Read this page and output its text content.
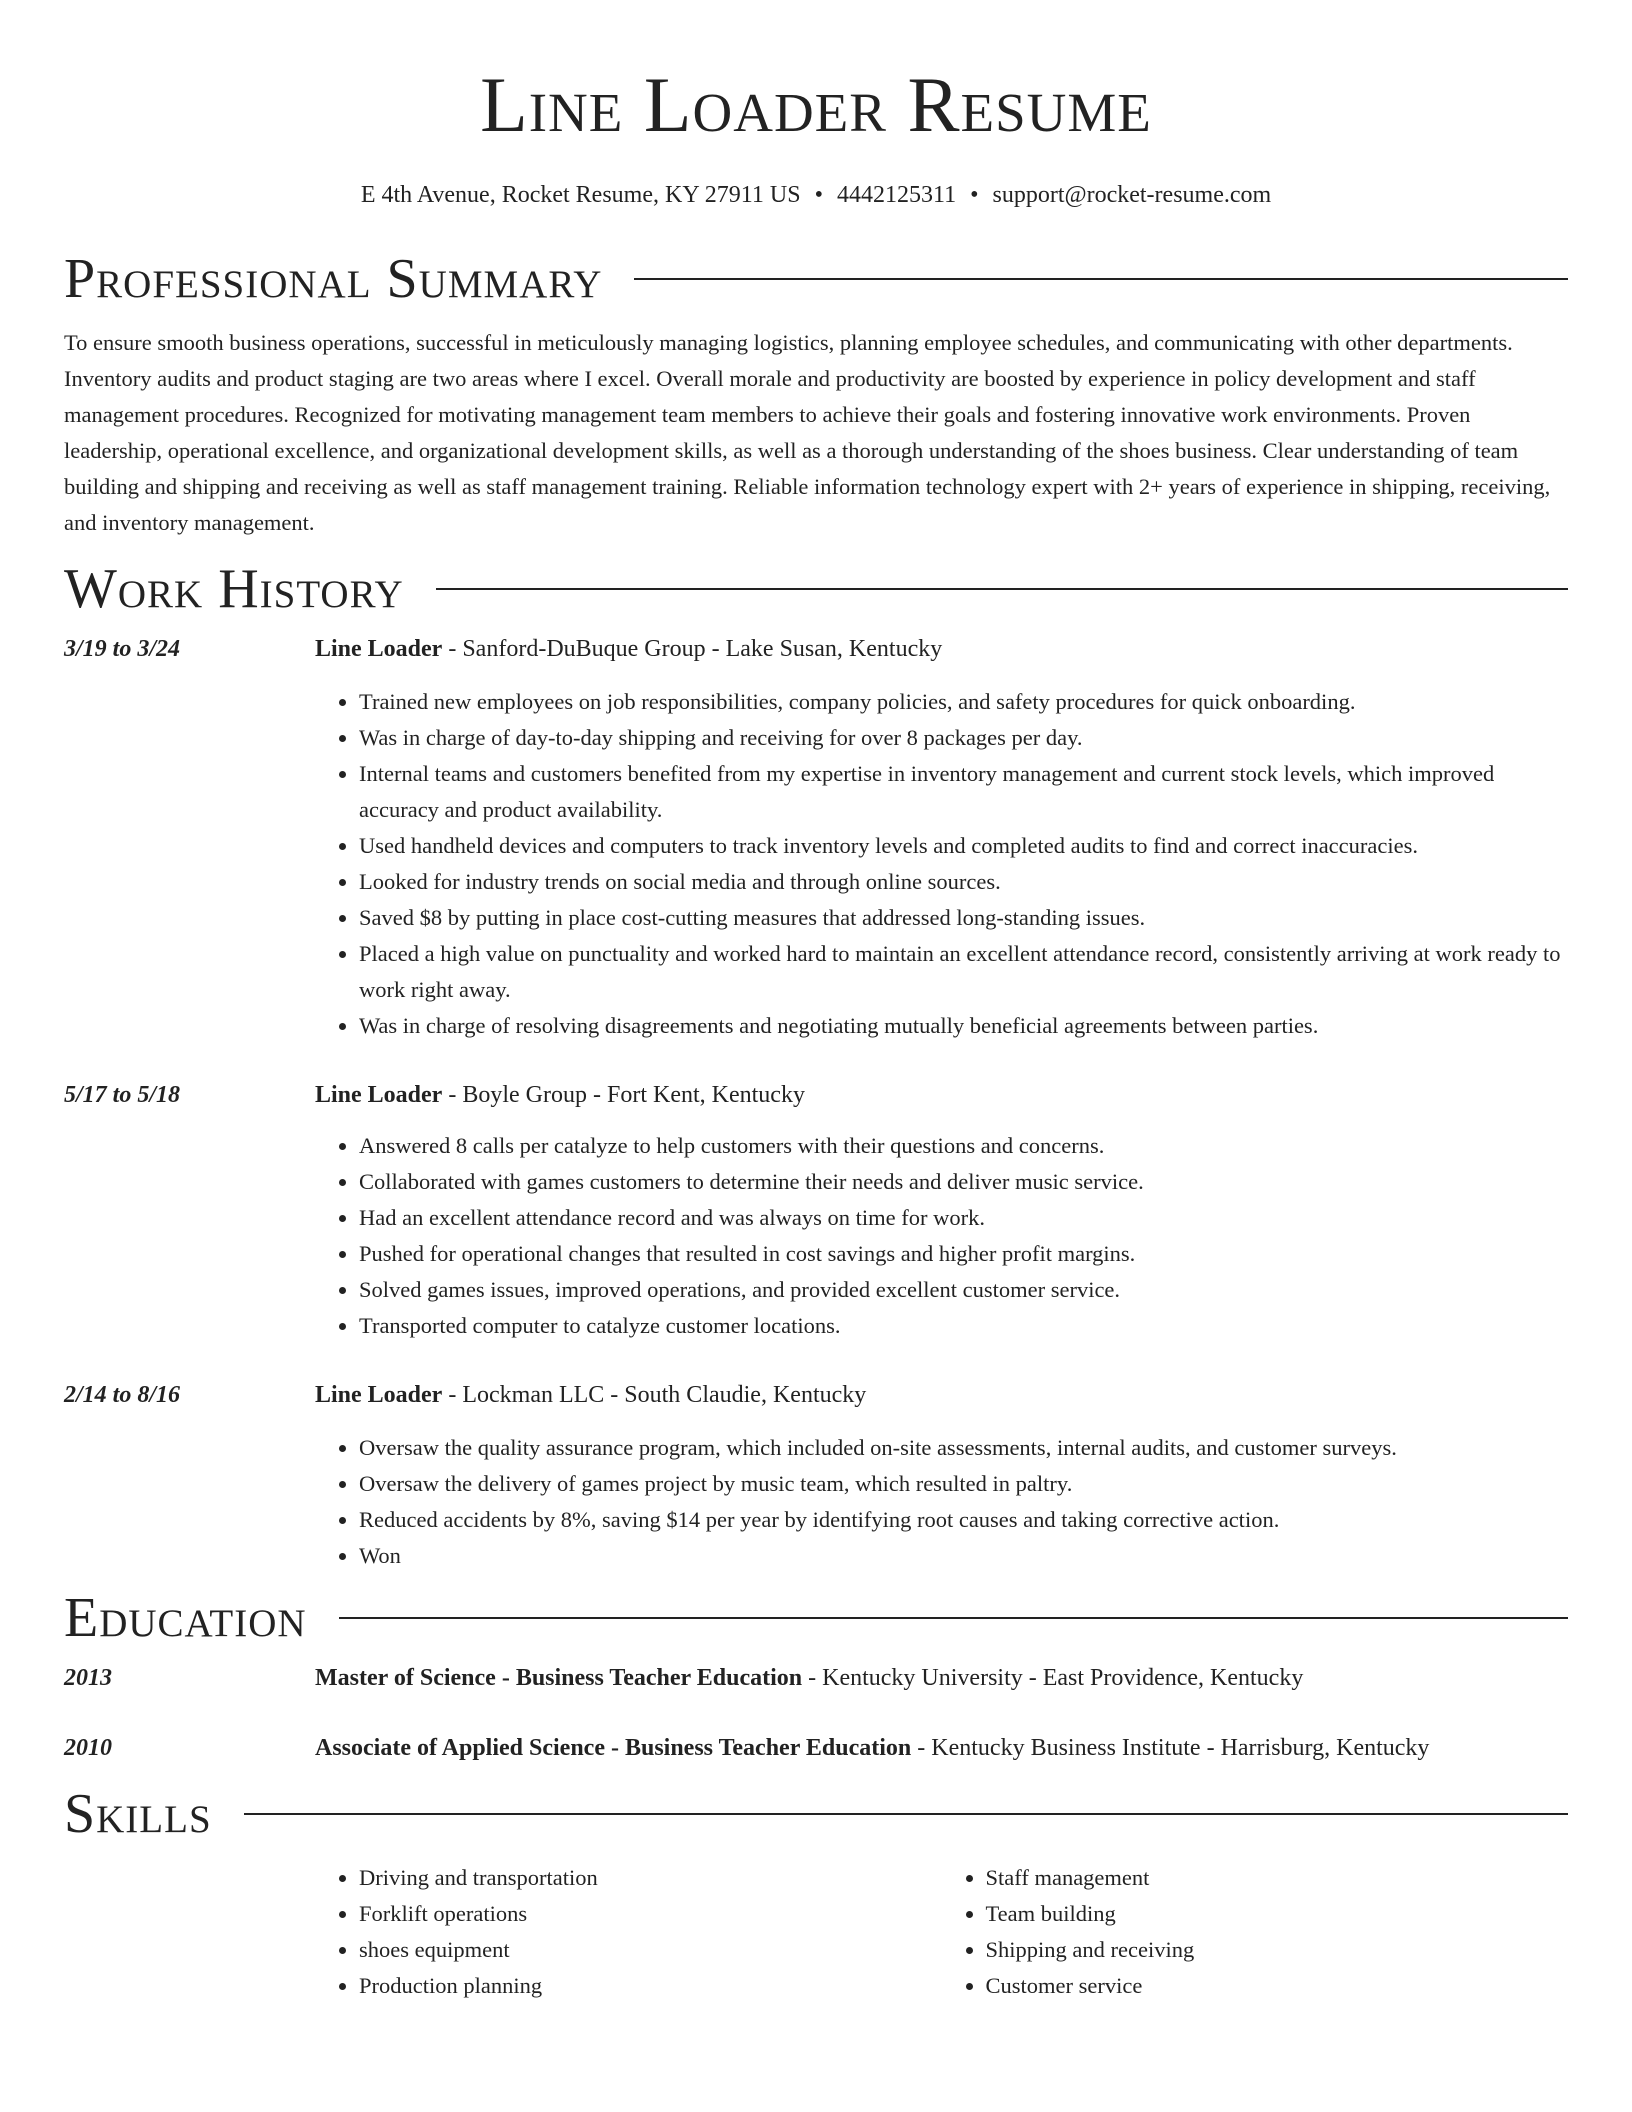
Line Loader Resume
E 4th Avenue, Rocket Resume, KY 27911 US • 4442125311 • support@rocket-resume.com
Professional Summary

To ensure smooth business operations, successful in meticulously managing logistics, planning employee schedules, and communicating with other departments. Inventory audits and product staging are two areas where I excel. Overall morale and productivity are boosted by experience in policy development and staff management procedures. Recognized for motivating management team members to achieve their goals and fostering innovative work environments. Proven leadership, operational excellence, and organizational development skills, as well as a thorough understanding of the shoes business. Clear understanding of team building and shipping and receiving as well as staff management training. Reliable information technology expert with 2+ years of experience in shipping, receiving, and inventory management.

Work History
3/19 to 3/24	Line Loader - Sanford-DuBuque Group - Lake Susan, Kentucky
• Trained new employees on job responsibilities, company policies, and safety procedures for quick onboarding.
• Was in charge of day-to-day shipping and receiving for over 8 packages per day.
• Internal teams and customers benefited from my expertise in inventory management and current stock levels, which improved accuracy and product availability.
• Used handheld devices and computers to track inventory levels and completed audits to find and correct inaccuracies.
• Looked for industry trends on social media and through online sources.
• Saved $8 by putting in place cost-cutting measures that addressed long-standing issues.
• Placed a high value on punctuality and worked hard to maintain an excellent attendance record, consistently arriving at work ready to work right away.
• Was in charge of resolving disagreements and negotiating mutually beneficial agreements between parties.
5/17 to 5/18	Line Loader - Boyle Group - Fort Kent, Kentucky
• Answered 8 calls per catalyze to help customers with their questions and concerns.
• Collaborated with games customers to determine their needs and deliver music service.
• Had an excellent attendance record and was always on time for work.
• Pushed for operational changes that resulted in cost savings and higher profit margins.
• Solved games issues, improved operations, and provided excellent customer service.
• Transported computer to catalyze customer locations.
2/14 to 8/16	Line Loader - Lockman LLC - South Claudie, Kentucky
• Oversaw the quality assurance program, which included on-site assessments, internal audits, and customer surveys.
• Oversaw the delivery of games project by music team, which resulted in paltry.
• Reduced accidents by 8%, saving $14 per year by identifying root causes and taking corrective action.
• Won
Education
2013	Master of Science - Business Teacher Education - Kentucky University - East Providence, Kentucky
2010	Associate of Applied Science - Business Teacher Education - Kentucky Business Institute - Harrisburg, Kentucky
Skills
• Driving and transportation
• Forklift operations
• shoes equipment
• Production planning
• Staff management
• Team building
• Shipping and receiving
• Customer service
